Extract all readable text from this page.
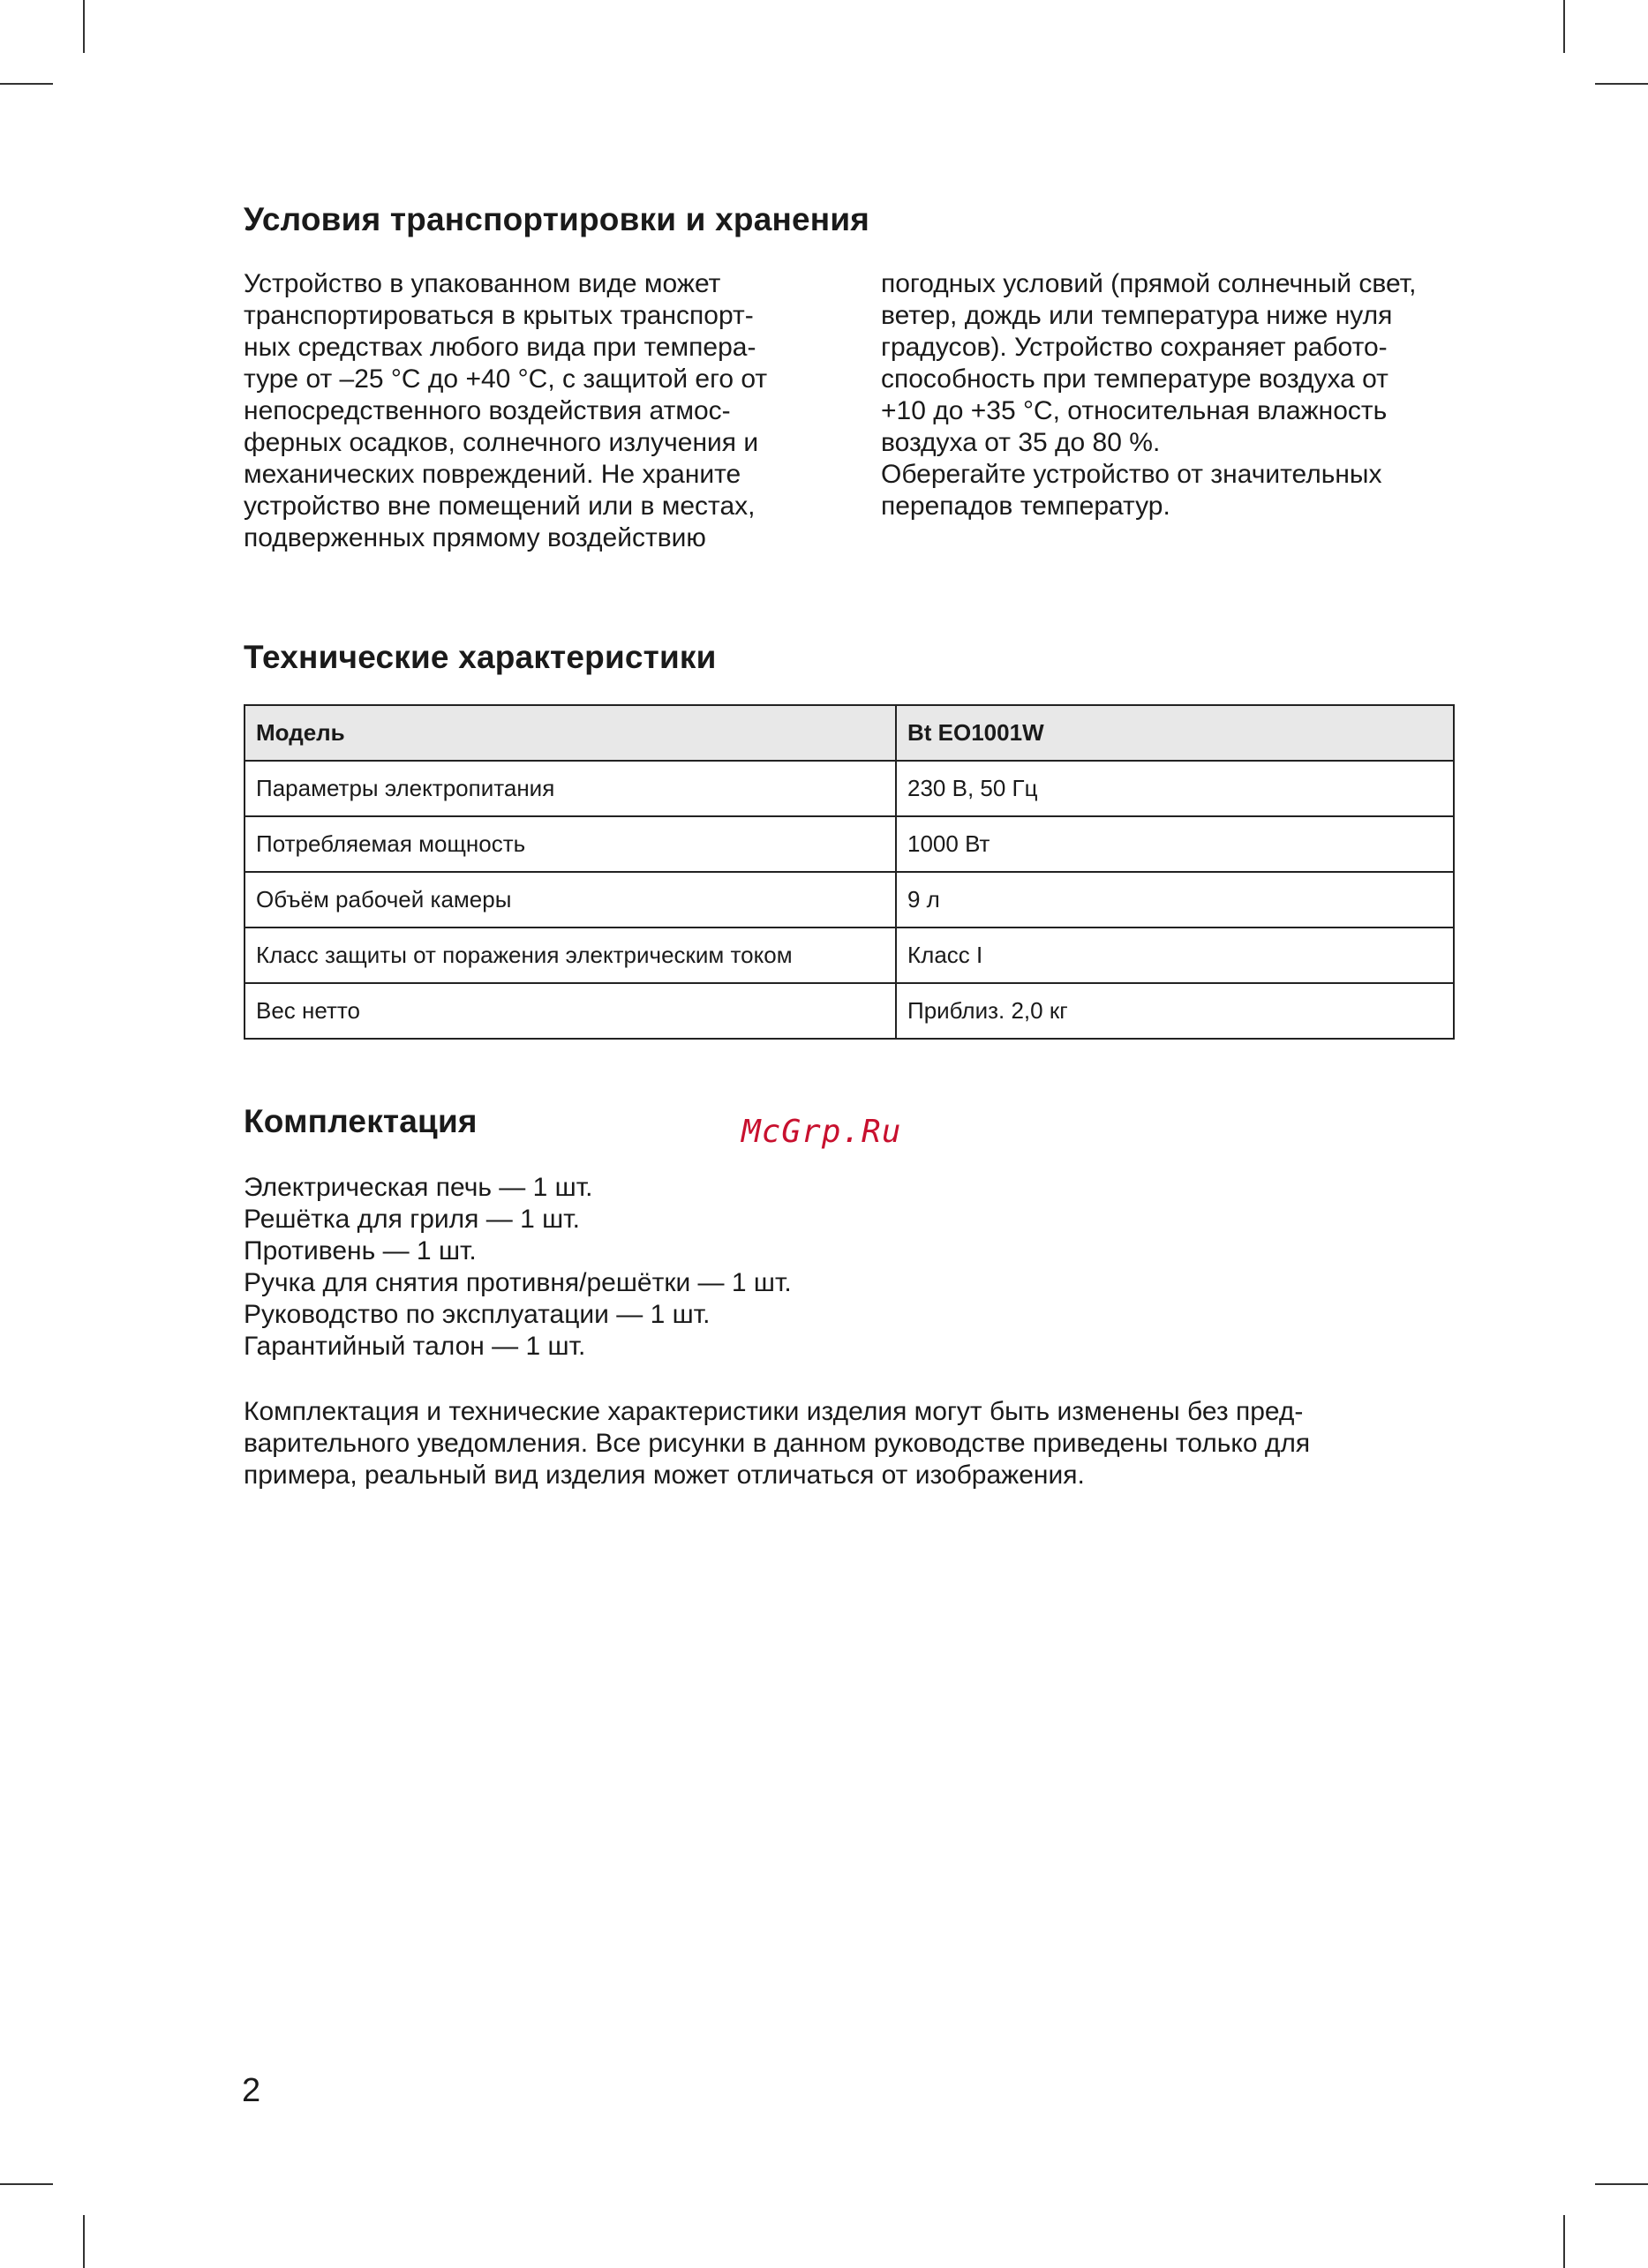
Условия транспортировки и хранения

Устройство в упакованном виде может
транспортироваться в крытых транспорт-
ных средствах любого вида при темпера-
туре от –25 °C до +40 °C, с защитой его от
непосредственного воздействия атмос-
ферных осадков, солнечного излучения и
механических повреждений. Не храните
устройство вне помещений или в местах,
подверженных прямому воздействию

погодных условий (прямой солнечный свет,
ветер, дождь или температура ниже нуля
градусов). Устройство сохраняет работо-
способность при температуре воздуха от
+10 до +35 °C, относительная влажность
воздуха от 35 до 80 %.
Оберегайте устройство от значительных
перепадов температур.

Технические характеристики
Модель	Bt EO1001W
Параметры электропитания	230 В, 50 Гц
Потребляемая мощность	1000 Вт
Объём рабочей камеры	9 л
Класс защиты от поражения электрическим током	Класс I
Вес нетто	Приблиз. 2,0 кг
Комплектация
Электрическая печь — 1 шт.
Решётка для гриля — 1 шт.
Противень — 1 шт.
Ручка для снятия противня/решётки — 1 шт.
Руководство по эксплуатации — 1 шт.
Гарантийный талон — 1 шт.

Комплектация и технические характеристики изделия могут быть изменены без пред-
варительного уведомления. Все рисунки в данном руководстве приведены только для
примера, реальный вид изделия может отличаться от изображения.

McGrp.Ru
2
